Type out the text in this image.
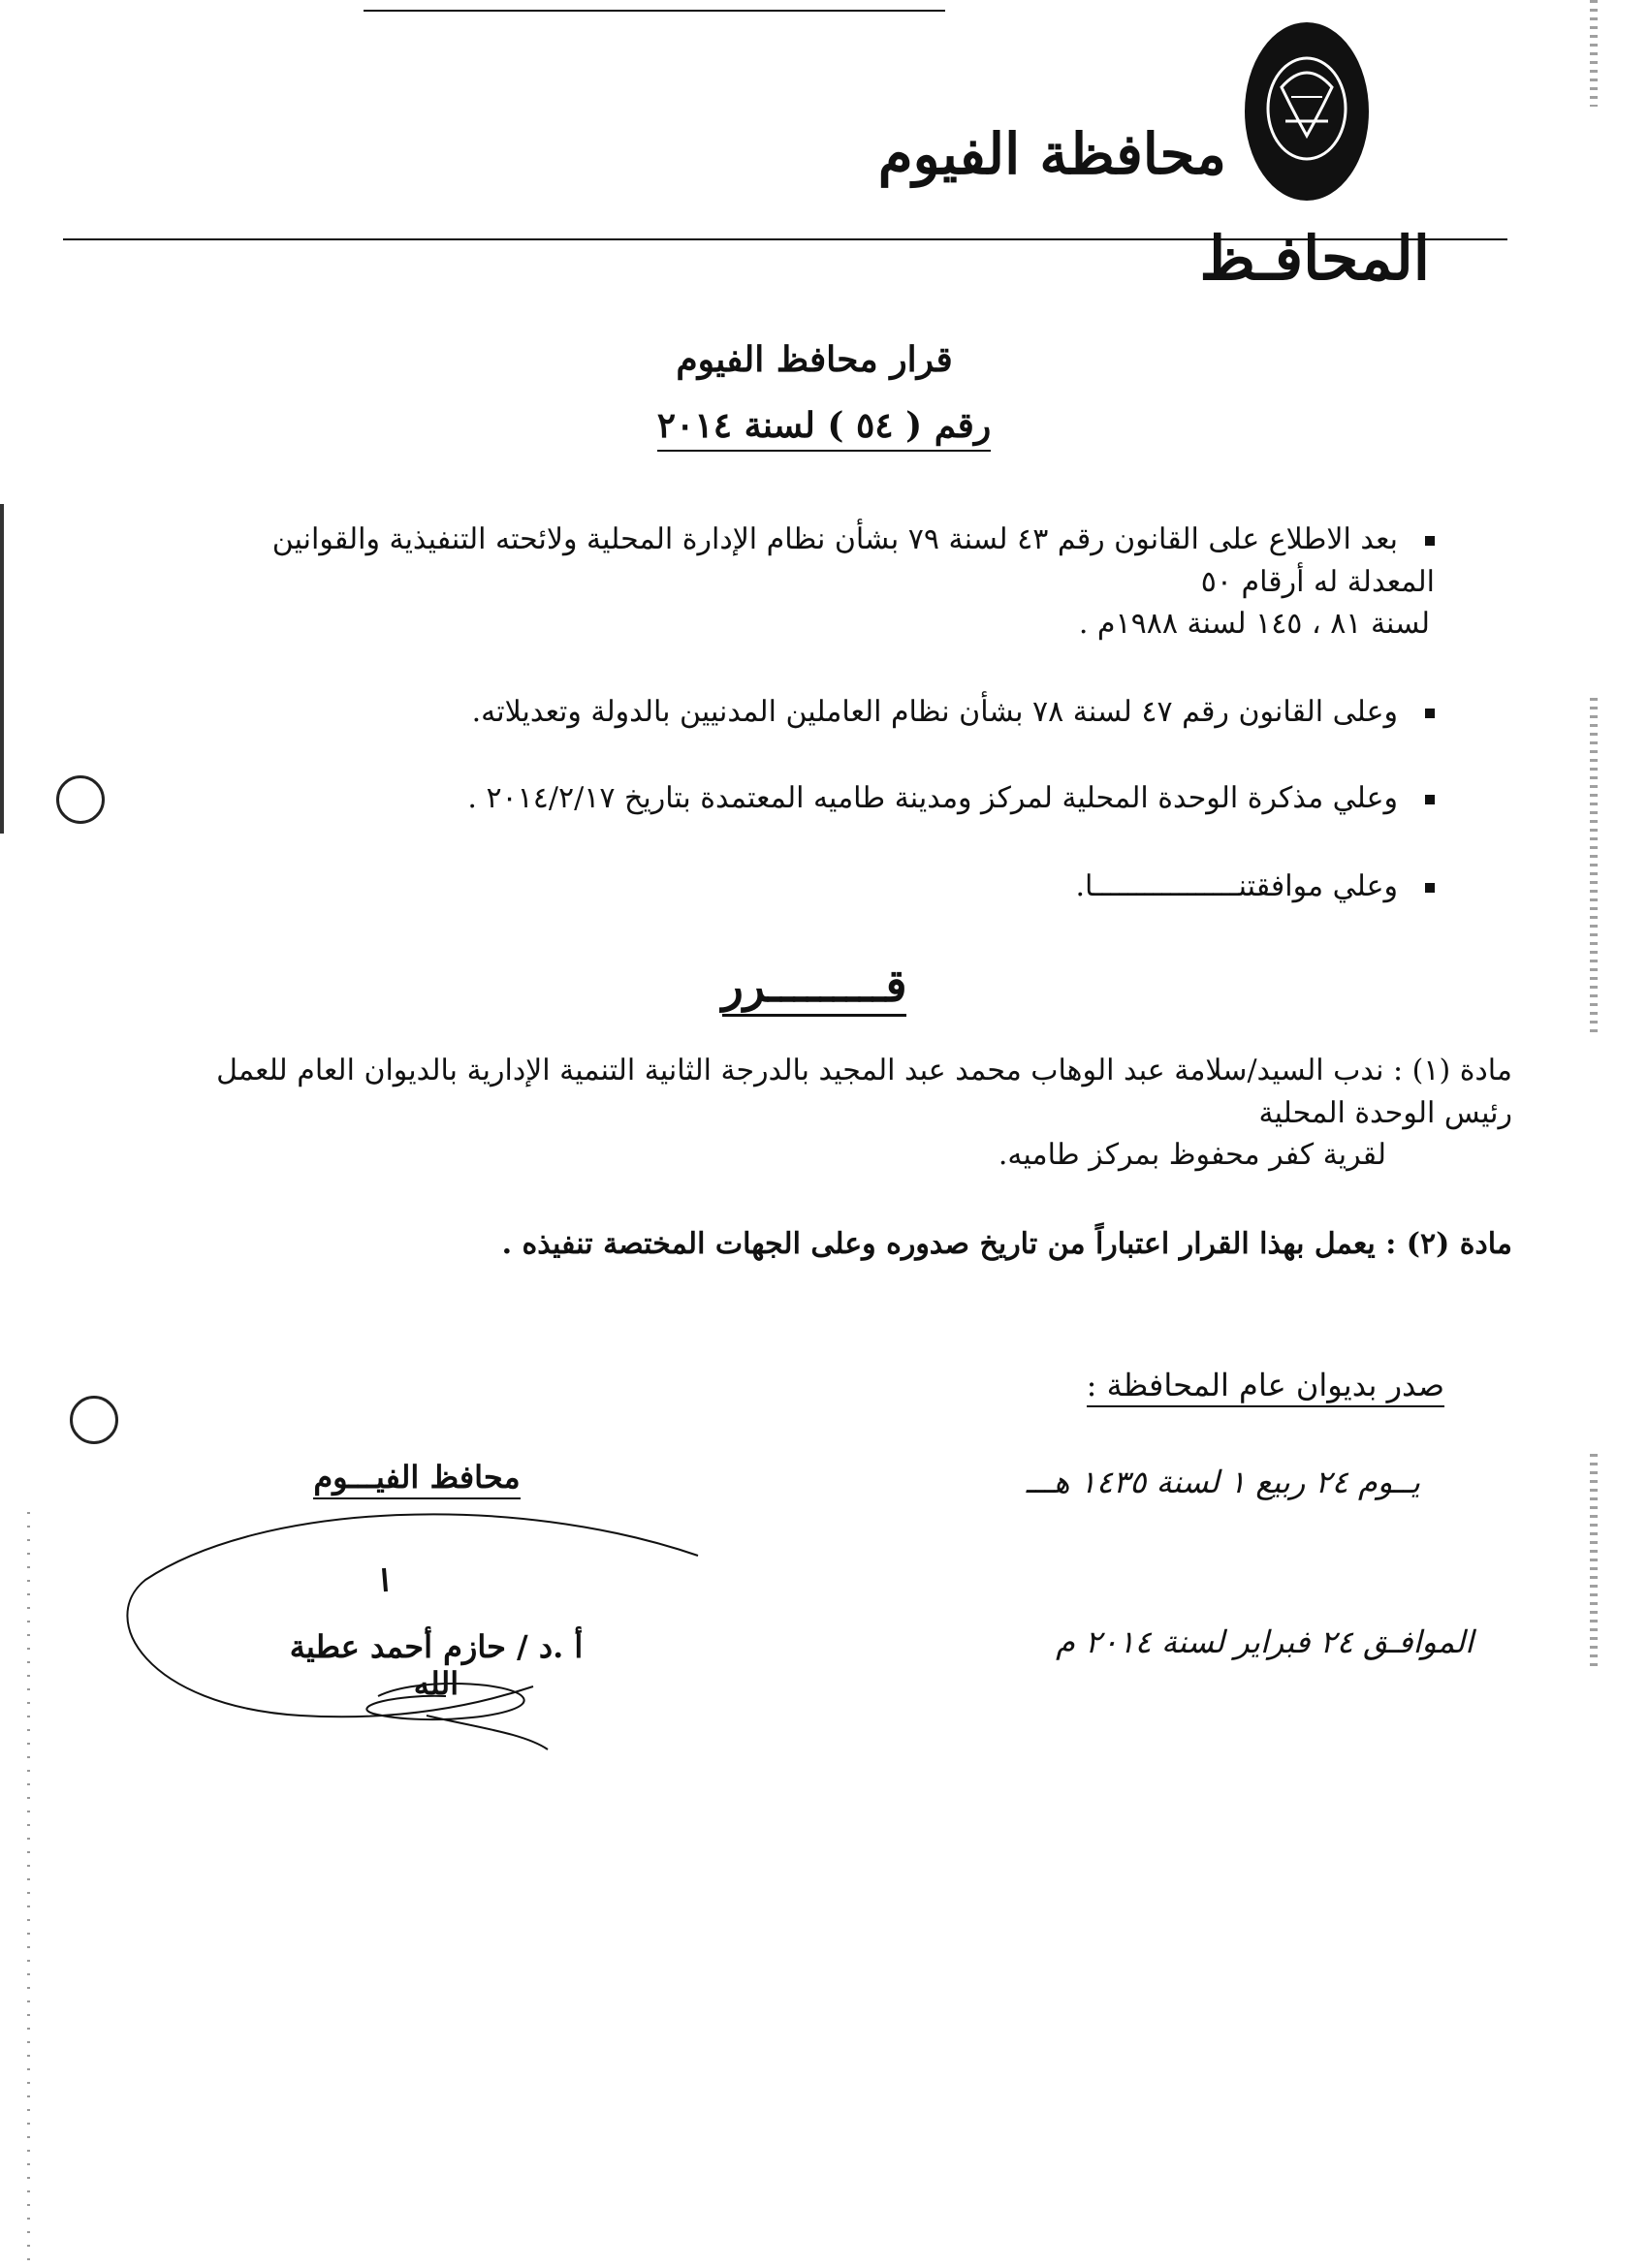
محافظة الفيوم
المحافـظ
قرار محافظ الفيوم
رقم ( ٥٤ ) لسنة ٢٠١٤
بعد الاطلاع على القانون رقم ٤٣ لسنة ٧٩ بشأن نظام الإدارة المحلية ولائحته التنفيذية والقوانين المعدلة له أرقام ٥٠
لسنة ٨١ ، ١٤٥ لسنة ١٩٨٨م .
وعلى القانون رقم ٤٧ لسنة ٧٨ بشأن نظام العاملين المدنيين بالدولة وتعديلاته.
وعلي مذكرة الوحدة المحلية لمركز ومدينة طاميه المعتمدة بتاريخ ٢٠١٤/٢/١٧ .
وعلي موافقتنـــــــــــــــــا.
قـــــــــرر
مادة (١) : ندب السيد/سلامة عبد الوهاب محمد عبد المجيد بالدرجة الثانية التنمية الإدارية بالديوان العام للعمل رئيس الوحدة المحلية
لقرية كفر محفوظ بمركز طاميه.
مادة (٢) : يعمل بهذا القرار اعتباراً من تاريخ صدوره وعلى الجهات المختصة تنفيذه .
صدر بديوان عام المحافظة :
يــوم ٢٤ ربيع ١ لسنة ١٤٣٥ هـــ
الموافـق ٢٤ فبراير لسنة ٢٠١٤ م
محافظ الفيـــوم
أ .د / حازم أحمد عطية الله
